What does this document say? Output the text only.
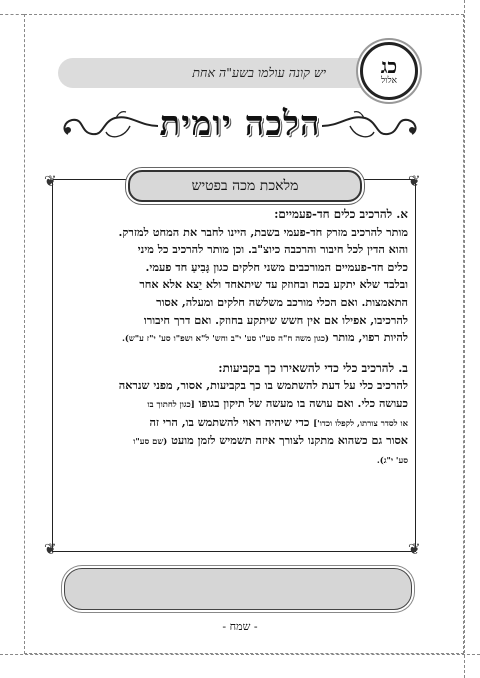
יש קונה עולמו בשע"ה אחת	כג
אלול
הלכה יומית
❦	❦
❦	❦
מלאכת מכה בפטיש
א. להרכיב כלים חד-פעמיים:

מותר להרכיב מזרק חד-פעמי בשבת, היינו לחבר את המחט למזרק.

והוא הדין לכל חיבור והרכבה כיוצ"ב. וכן מותר להרכיב כל מיני

כלים חד-פעמיים המורכבים משני חלקים כגון גָּבִיעַ חד פעמי.

ובלבד שלא יתקע בכח ובחוזק עד שיתאחד ולא יֵצא אלא אחר

התאמצות. ואם הכלי מורכב משלשה חלקים ומעלה, אסור

להרכיבו, אפילו אם אין חשש שיתקע בחוזק. ואם דרך חיבורו

להיות רפוי, מותר (כגון משה ח"ה סע"ו סע' י"ב וחש' ל"א ושפ"ו סע' י"ז ע"ש).

ב. להרכיב כלי כדי להשאירו כך בקביעות:

להרכיב כלי על דעת להשתמש בו כך בקביעות, אסור, מפני שנראה

כעושה כלי. ואם עושה בו מעשה של תיקון בגופו [כגון לחתוך בו

או לסדר צורתו, לקפלו וכדו'] כדי שיהיה ראוי להשתמש בו, הרי זה

אסור גם כשהוא מתקנו לצורך איזה תשמיש לזמן מועט (שם סע"ו

סע' י"ג).

- שמח -
